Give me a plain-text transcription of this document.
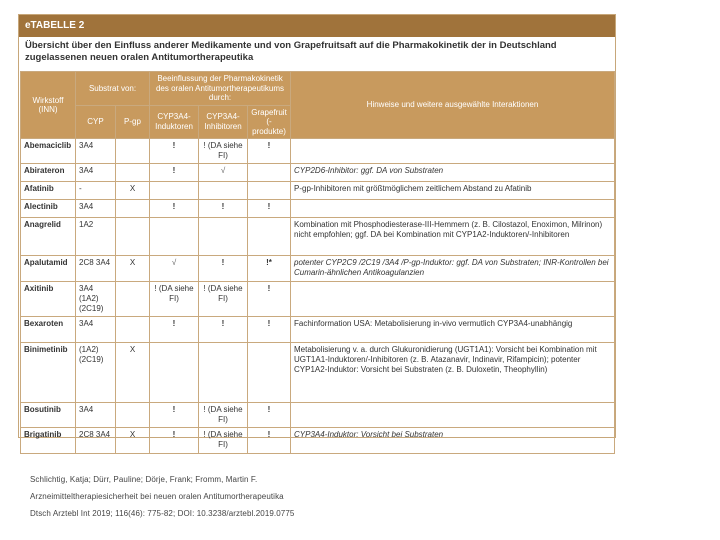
eTABELLE 2
Übersicht über den Einfluss anderer Medikamente und von Grapefruitsaft auf die Pharmakokinetik der in Deutschland zugelassenen neuen oralen Antitumortherapeutika
Wirkstoff (INN)	Substrat von:		Beeinflussung der Pharmakokinetik des oralen Antitumortherapeutikums durch:			Hinweise und weitere ausgewählte Interaktionen
	CYP	P-gp	CYP3A4-Induktoren	CYP3A4-Inhibitoren	Grapefruit (-produkte)	
Abemaciclib	3A4		!	! (DA siehe FI)	!	
Abirateron	3A4		!	√		CYP2D6-Inhibitor: ggf. DA von Substraten
Afatinib	-	X				P-gp-Inhibitoren mit größtmöglichem zeitlichem Abstand zu Afatinib
Alectinib	3A4		!	!	!	
Anagrelid	1A2					Kombination mit Phosphodiesterase-III-Hemmern (z. B. Cilostazol, Enoximon, Milrinon) nicht empfohlen; ggf. DA bei Kombination mit CYP1A2-Induktoren/-Inhibitoren
Apalutamid	2C8 3A4	X	√	!	!*	potenter CYP2C9 /2C19 /3A4 /P-gp-Induktor: ggf. DA von Substraten; INR-Kontrollen bei Cumarin-ähnlichen Antikoagulanzien
Axitinib	3A4 (1A2) (2C19)		! (DA siehe FI)	! (DA siehe FI)	!	
Bexaroten	3A4		!	!	!	Fachinformation USA: Metabolisierung in-vivo vermutlich CYP3A4-unabhängig
Binimetinib	(1A2) (2C19)	X				Metabolisierung v. a. durch Glukuronidierung (UGT1A1): Vorsicht bei Kombination mit UGT1A1-Induktoren/-Inhibitoren (z. B. Atazanavir, Indinavir, Rifampicin); potenter CYP1A2-Induktor: Vorsicht bei Substraten (z. B. Duloxetin, Theophyllin)
Bosutinib	3A4		!	! (DA siehe FI)	!	
Brigatinib	2C8 3A4	X	!	! (DA siehe FI)	!	CYP3A4-Induktor: Vorsicht bei Substraten
Schlichtig, Katja; Dürr, Pauline; Dörje, Frank; Fromm, Martin F.
Arzneimitteltherapiesicherheit bei neuen oralen Antitumortherapeutika
Dtsch Arztebl Int 2019; 116(46): 775-82; DOI: 10.3238/arztebl.2019.0775
